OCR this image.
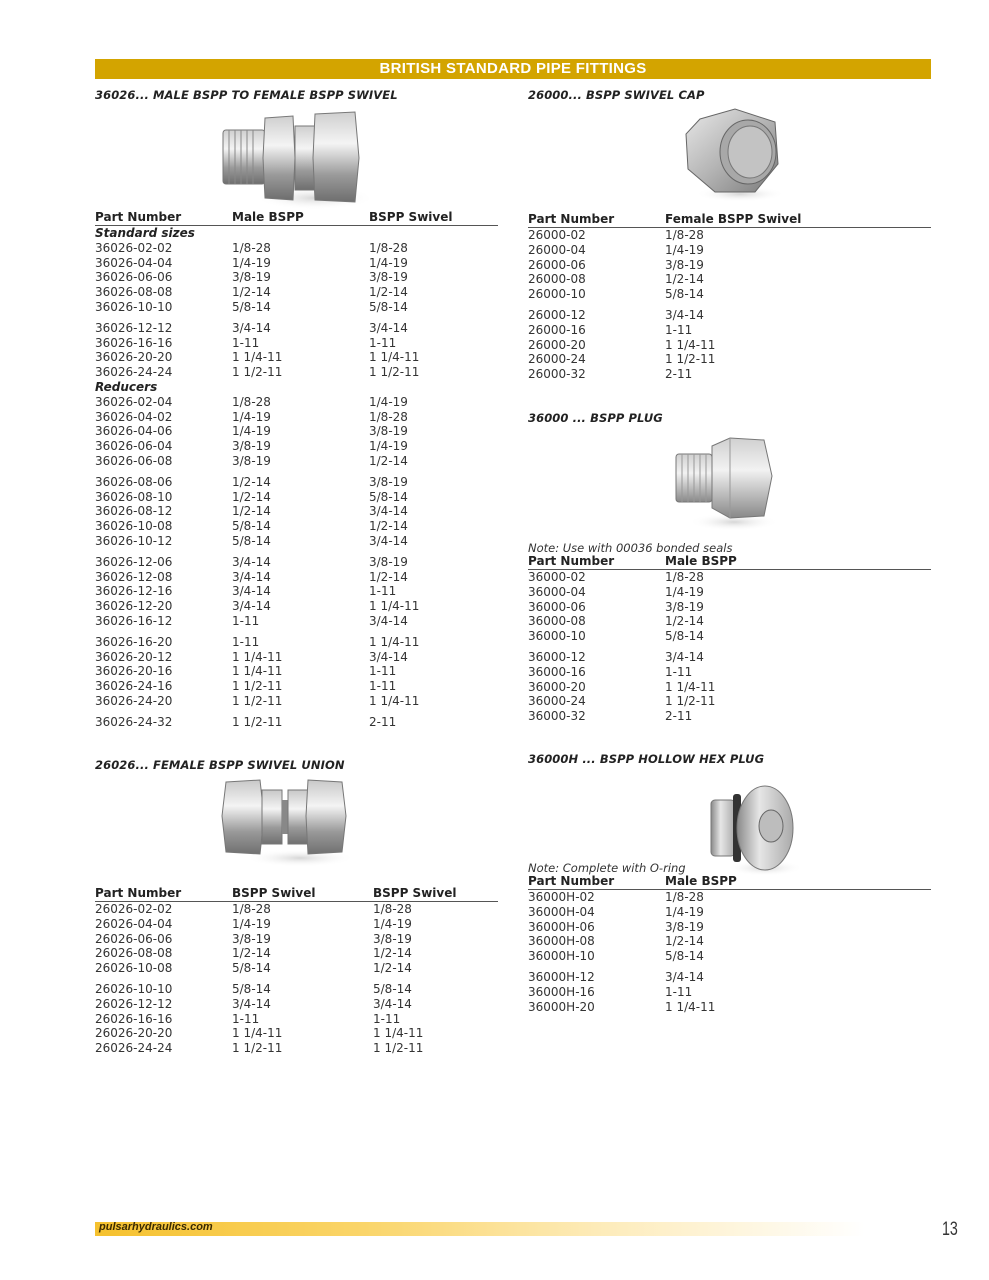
BRITISH STANDARD PIPE FITTINGS
36026... MALE BSPP TO FEMALE BSPP SWIVEL
Part Number	Male BSPP	BSPP Swivel
Standard sizes
36026-02-02	1/8-28	1/8-28
36026-04-04	1/4-19	1/4-19
36026-06-06	3/8-19	3/8-19
36026-08-08	1/2-14	1/2-14
36026-10-10	5/8-14	5/8-14
36026-12-12	3/4-14	3/4-14
36026-16-16	1-11	1-11
36026-20-20	1 1/4-11	1 1/4-11
36026-24-24	1 1/2-11	1 1/2-11
Reducers
36026-02-04	1/8-28	1/4-19
36026-04-02	1/4-19	1/8-28
36026-04-06	1/4-19	3/8-19
36026-06-04	3/8-19	1/4-19
36026-06-08	3/8-19	1/2-14
36026-08-06	1/2-14	3/8-19
36026-08-10	1/2-14	5/8-14
36026-08-12	1/2-14	3/4-14
36026-10-08	5/8-14	1/2-14
36026-10-12	5/8-14	3/4-14
36026-12-06	3/4-14	3/8-19
36026-12-08	3/4-14	1/2-14
36026-12-16	3/4-14	1-11
36026-12-20	3/4-14	1 1/4-11
36026-16-12	1-11	3/4-14
36026-16-20	1-11	1 1/4-11
36026-20-12	1 1/4-11	3/4-14
36026-20-16	1 1/4-11	1-11
36026-24-16	1 1/2-11	1-11
36026-24-20	1 1/2-11	1 1/4-11
36026-24-32	1 1/2-11	2-11
26026... FEMALE BSPP SWIVEL UNION
Part Number	BSPP Swivel	BSPP Swivel
26026-02-02	1/8-28	1/8-28
26026-04-04	1/4-19	1/4-19
26026-06-06	3/8-19	3/8-19
26026-08-08	1/2-14	1/2-14
26026-10-08	5/8-14	1/2-14
26026-10-10	5/8-14	5/8-14
26026-12-12	3/4-14	3/4-14
26026-16-16	1-11	1-11
26026-20-20	1 1/4-11	1 1/4-11
26026-24-24	1 1/2-11	1 1/2-11
26000... BSPP SWIVEL CAP
Part Number	Female BSPP Swivel
26000-02	1/8-28
26000-04	1/4-19
26000-06	3/8-19
26000-08	1/2-14
26000-10	5/8-14
26000-12	3/4-14
26000-16	1-11
26000-20	1 1/4-11
26000-24	1 1/2-11
26000-32	2-11
36000 ... BSPP PLUG
Note: Use with 00036 bonded seals
Part Number	Male BSPP
36000-02	1/8-28
36000-04	1/4-19
36000-06	3/8-19
36000-08	1/2-14
36000-10	5/8-14
36000-12	3/4-14
36000-16	1-11
36000-20	1 1/4-11
36000-24	1 1/2-11
36000-32	2-11
36000H ... BSPP HOLLOW HEX PLUG
Note: Complete with O-ring
Part Number	Male BSPP
36000H-02	1/8-28
36000H-04	1/4-19
36000H-06	3/8-19
36000H-08	1/2-14
36000H-10	5/8-14
36000H-12	3/4-14
36000H-16	1-11
36000H-20	1 1/4-11
pulsarhydraulics.com	13
